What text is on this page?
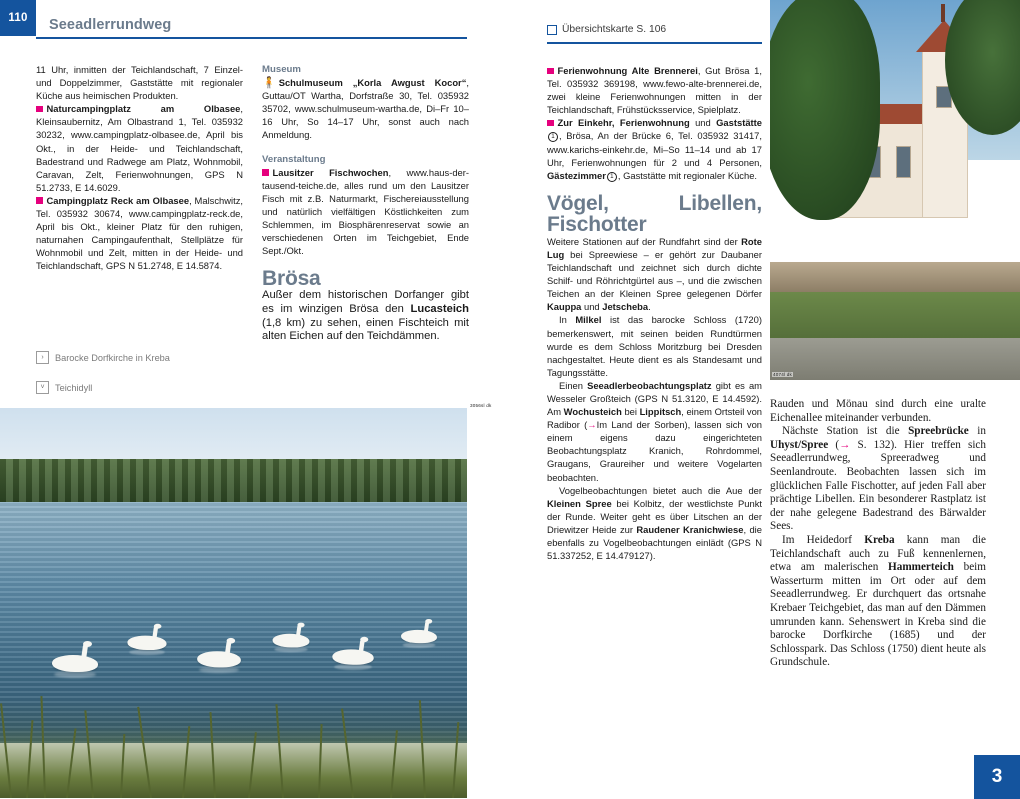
110	Seeadlerrundweg	Übersichtskarte S. 106

11 Uhr, inmitten der Teichlandschaft, 7 Einzel- und Doppelzimmer, Gaststätte mit regionaler Küche aus heimischen Produkten.

Naturcampingplatz am Olbasee, Kleinsaubernitz, Am Olbastrand 1, Tel. 035932 30232, www.campingplatz-olbasee.de, April bis Okt., in der Heide- und Teichlandschaft, Badestrand und Radwege am Platz, Wohnmobil, Caravan, Zelt, Ferienwohnungen, GPS N 51.2733, E 14.6029.

Campingplatz Reck am Olbasee, Malschwitz, Tel. 035932 30674, www.campingplatz-reck.de, April bis Okt., kleiner Platz für den ruhigen, naturnahen Campingaufenthalt, Stellplätze für Wohnmobil und Zelt, mitten in der Heide- und Teichlandschaft, GPS N 51.2748, E 14.5874.

›	Barocke Dorfkirche in Kreba
˅	Teichidyll

Museum

🧍 Schulmuseum „Korla Awgust Kocor“, Guttau/OT Wartha, Dorfstraße 30, Tel. 035932 35702, www.schulmuseum-wartha.de, Di–Fr 10–16 Uhr, So 14–17 Uhr, sonst auch nach Anmeldung.

Veranstaltung

Lausitzer Fischwochen, www.haus-der-tausend-teiche.de, alles rund um den Lausitzer Fisch mit z.B. Naturmarkt, Fischereiausstellung und natürlich vielfältigen Köstlichkeiten zum Schlemmen, im Biosphärenreservat sowie an verschiedenen Orten im Teichgebiet, Ende Sept./Okt.

Brösa

Außer dem historischen Dorfanger gibt es im winzigen Brösa den Lucasteich (1,8 km) zu sehen, einen Fischteich mit alten Eichen auf den Teichdämmen.

Ferienwohnung Alte Brennerei, Gut Brösa 1, Tel. 035932 369198, www.fewo-alte-brennerei.de, zwei kleine Ferienwohnungen mitten in der Teichlandschaft, Frühstücksservice, Spielplatz.

Zur Einkehr, Ferienwohnung und Gaststätte1 , Brösa, An der Brücke 6, Tel. 035932 31417, www.karichs-einkehr.de, Mi–So 11–14 und ab 17 Uhr, Ferienwohnungen für 2 und 4 Personen, Gästezimmer 1 , Gaststätte mit regionaler Küche.

Vögel, Libellen, Fischotter

Weitere Stationen auf der Rundfahrt sind der Rote Lug bei Spreewiese – er gehört zur Daubaner Teichlandschaft und zeichnet sich durch dichte Schilf- und Röhrichtgürtel aus –, und die zwischen Teichen an der Kleinen Spree gelegenen Dörfer Kauppa und Jetscheba.

In Milkel ist das barocke Schloss (1720) bemerkenswert, mit seinen beiden Rundtürmen wurde es dem Schloss Moritzburg bei Dresden nachgestaltet. Heute dient es als Standesamt und Tagungsstätte.

Einen Seeadlerbeobachtungsplatz gibt es am Wesseler Großteich (GPS N 51.3120, E 14.4592). Am Wochusteich bei Lippitsch, einem Ortsteil von Radibor (→Im Land der Sorben), lassen sich von einem eigens dazu eingerichteten Beobachtungsplatz Kranich, Rohrdommel, Graugans, Graureiher und weitere Vogelarten beobachten.

Vogelbeobachtungen bietet auch die Aue der Kleinen Spree bei Kolbitz, der westlichste Punkt der Runde. Weiter geht es über Litschen an der Driewitzer Heide zur Raudener Kranichwiese, die ebenfalls zu Vogelbeobachtungen einlädt (GPS N 51.337252, E 14.479127).

Rauden und Mönau sind durch eine uralte Eichenallee miteinander verbunden.

Nächste Station ist die Spreebrücke in Uhyst/Spree (→ S. 132). Hier treffen sich Seeadlerrundweg, Spreeradweg und Seenlandroute. Beobachten lassen sich im glücklichen Falle Fischotter, auf jeden Fall aber prächtige Libellen. Ein besonderer Rastplatz ist der nahe gelegene Badestrand des Bärwalder Sees.

Im Heidedorf Kreba kann man die Teichlandschaft auch zu Fuß kennenlernen, etwa am malerischen Hammerteich beim Wasserturm mitten im Ort oder auf dem Seeadlerrundweg. Er durchquert das ortsnahe Krebaer Teichgebiet, das man auf den Dämmen umrunden kann. Sehenswert in Kreba sind die barocke Dorfkirche (1685) und der Schlosspark. Das Schloss (1750) dient heute als Grundschule.

3056sl dk
4074l dk
3
